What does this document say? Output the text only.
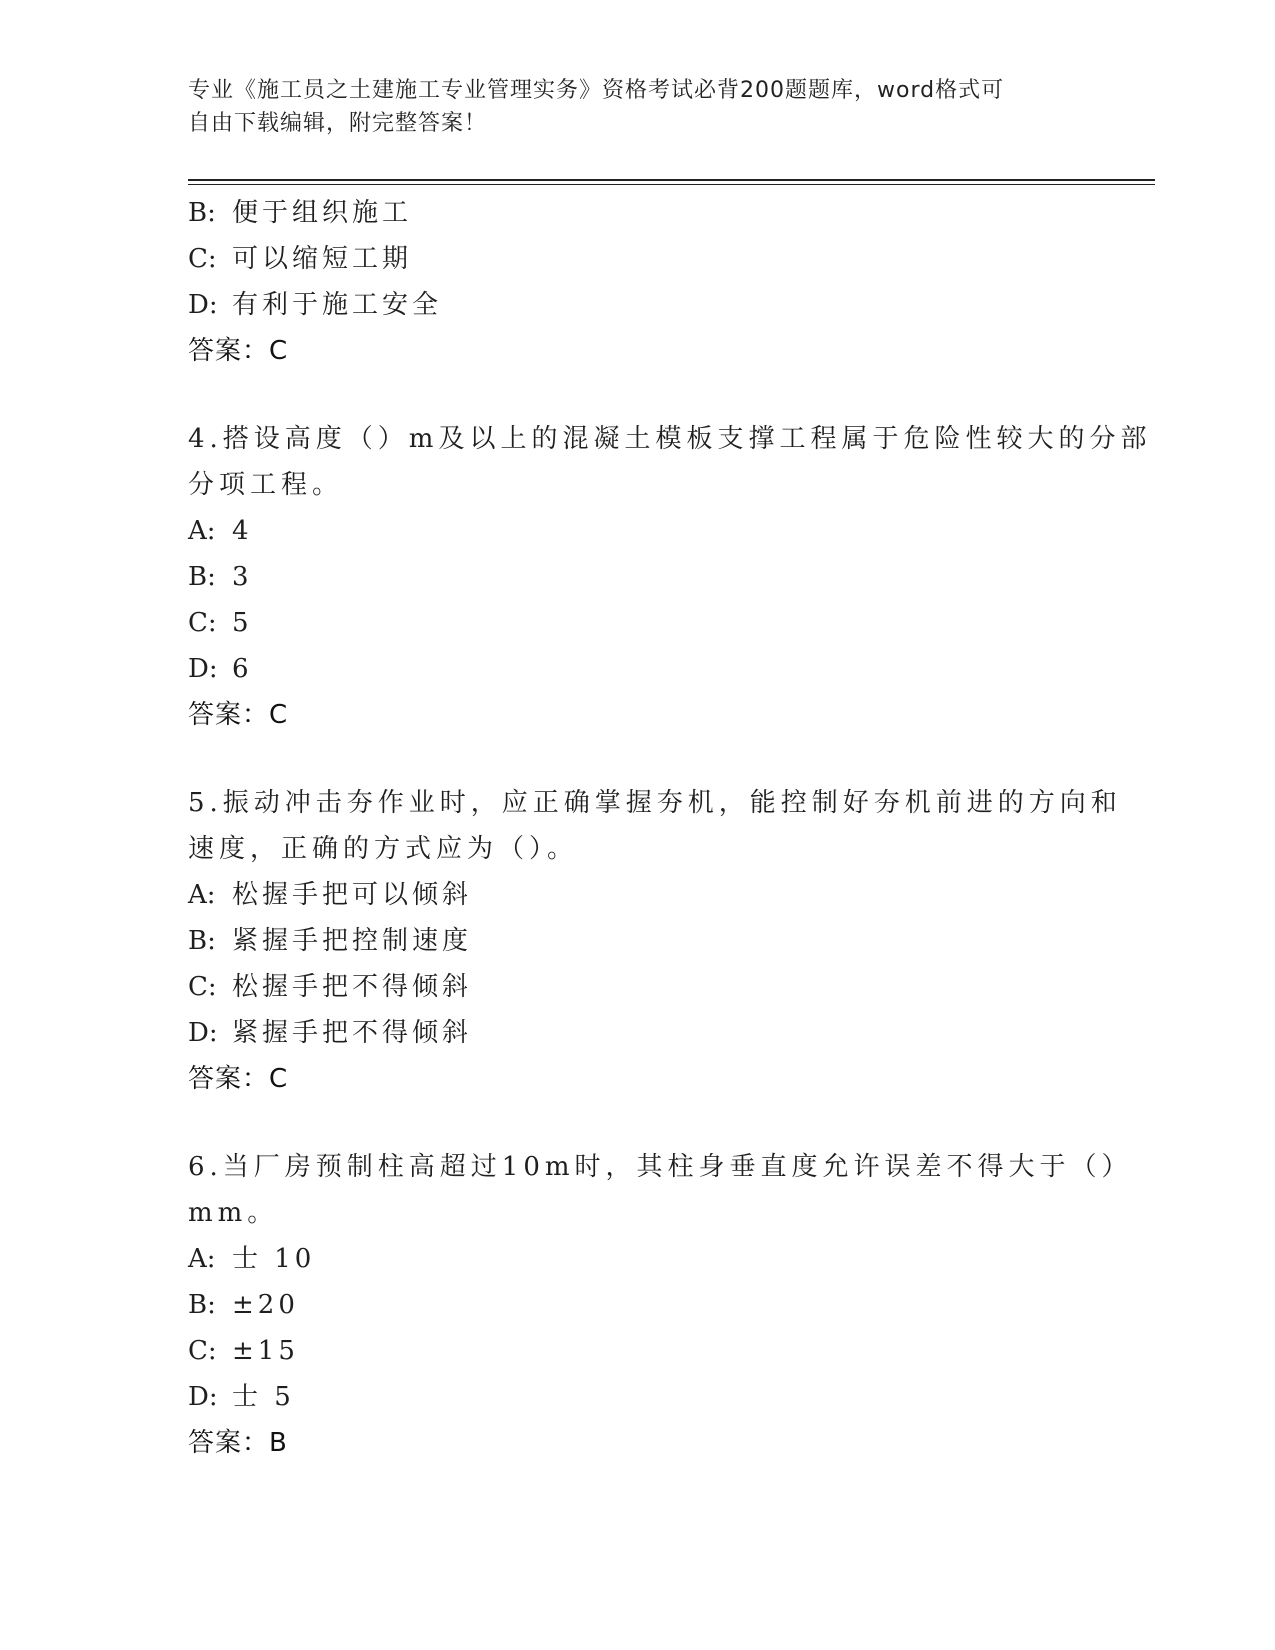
专业《施工员之土建施工专业管理实务》资格考试必背200题题库，word格式可
自由下载编辑，附完整答案！
B: 便于组织施工
C: 可以缩短工期
D: 有利于施工安全
答案：C
4.搭设高度（）m及以上的混凝土模板支撑工程属于危险性较大的分部
分项工程。
A: 4
B: 3
C: 5
D: 6
答案：C
5.振动冲击夯作业时，应正确掌握夯机，能控制好夯机前进的方向和
速度，正确的方式应为（）。
A: 松握手把可以倾斜
B: 紧握手把控制速度
C: 松握手把不得倾斜
D: 紧握手把不得倾斜
答案：C
6.当厂房预制柱高超过10m时，其柱身垂直度允许误差不得大于（）
mm。
A: 士 10
B: ±20
C: ±15
D: 士 5
答案：B
